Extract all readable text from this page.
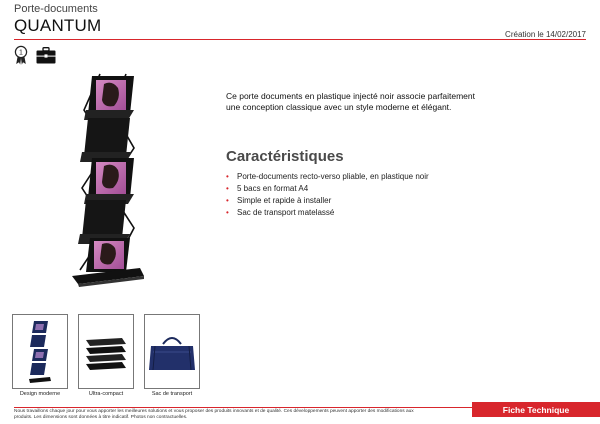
Porte-documents
QUANTUM	Création le 14/02/2017
1

Ce porte documents en plastique injecté noir associe parfaitement

une conception classique avec un style moderne et élégant.

Caractéristiques
• Porte-documents recto-verso pliable, en plastique noir
• 5 bacs en format A4
• Simple et rapide à installer
• Sac de transport matelassé
Design moderne	Ultra-compact	Sac de transport
Nous travaillons chaque jour pour vous apporter les meilleures solutions et vous proposer des produits innovants et de qualité. Ces développements peuvent apporter des modifications aux
produits. Les dimensions sont données à titre indicatif. Photos non contractuelles.
Fiche Technique
